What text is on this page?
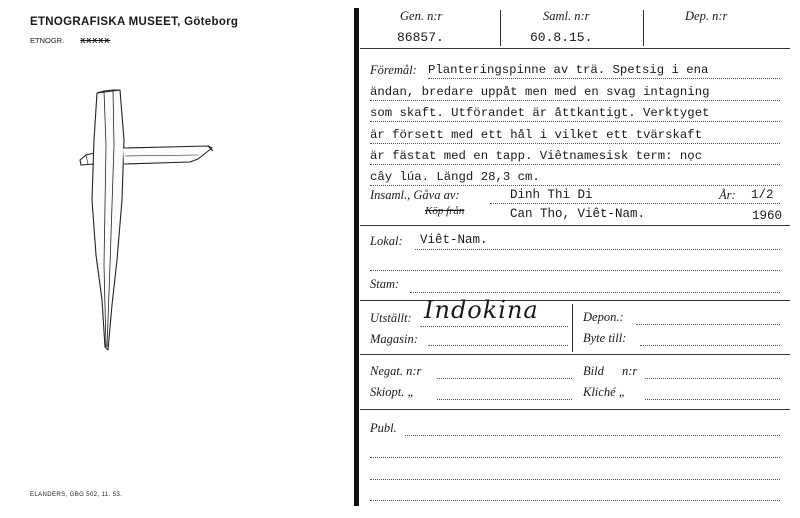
ETNOGRAFISKA MUSEET, Göteborg
ETNOGR. XXXXX
ELANDERS, GBG 502, 11. 53.
Gen. n:r
86857.
Saml. n:r
60.8.15.
Dep. n:r
Föremål: Planteringspinne av trä. Spetsig i ena
ändan, bredare uppåt men med en svag intagning
som skaft. Utförandet är åttkantigt. Verktyget
är försett med ett hål i vilket ett tvärskaft
är fästat med en tapp. Viêtnamesisk term: nọc
cây lúa. Längd 28,3 cm.
Insaml., Gåva av:	Dinh Thi Di	År: 1/2
Köp från	Can Tho, Viêt-Nam.	1960
Lokal: Viêt-Nam.
Stam:
Utställt: Indokina
Magasin:
Depon.:
Byte till:
Negat. n:r	Bild n:r
Skiopt. „	Kliché „
Publ.
